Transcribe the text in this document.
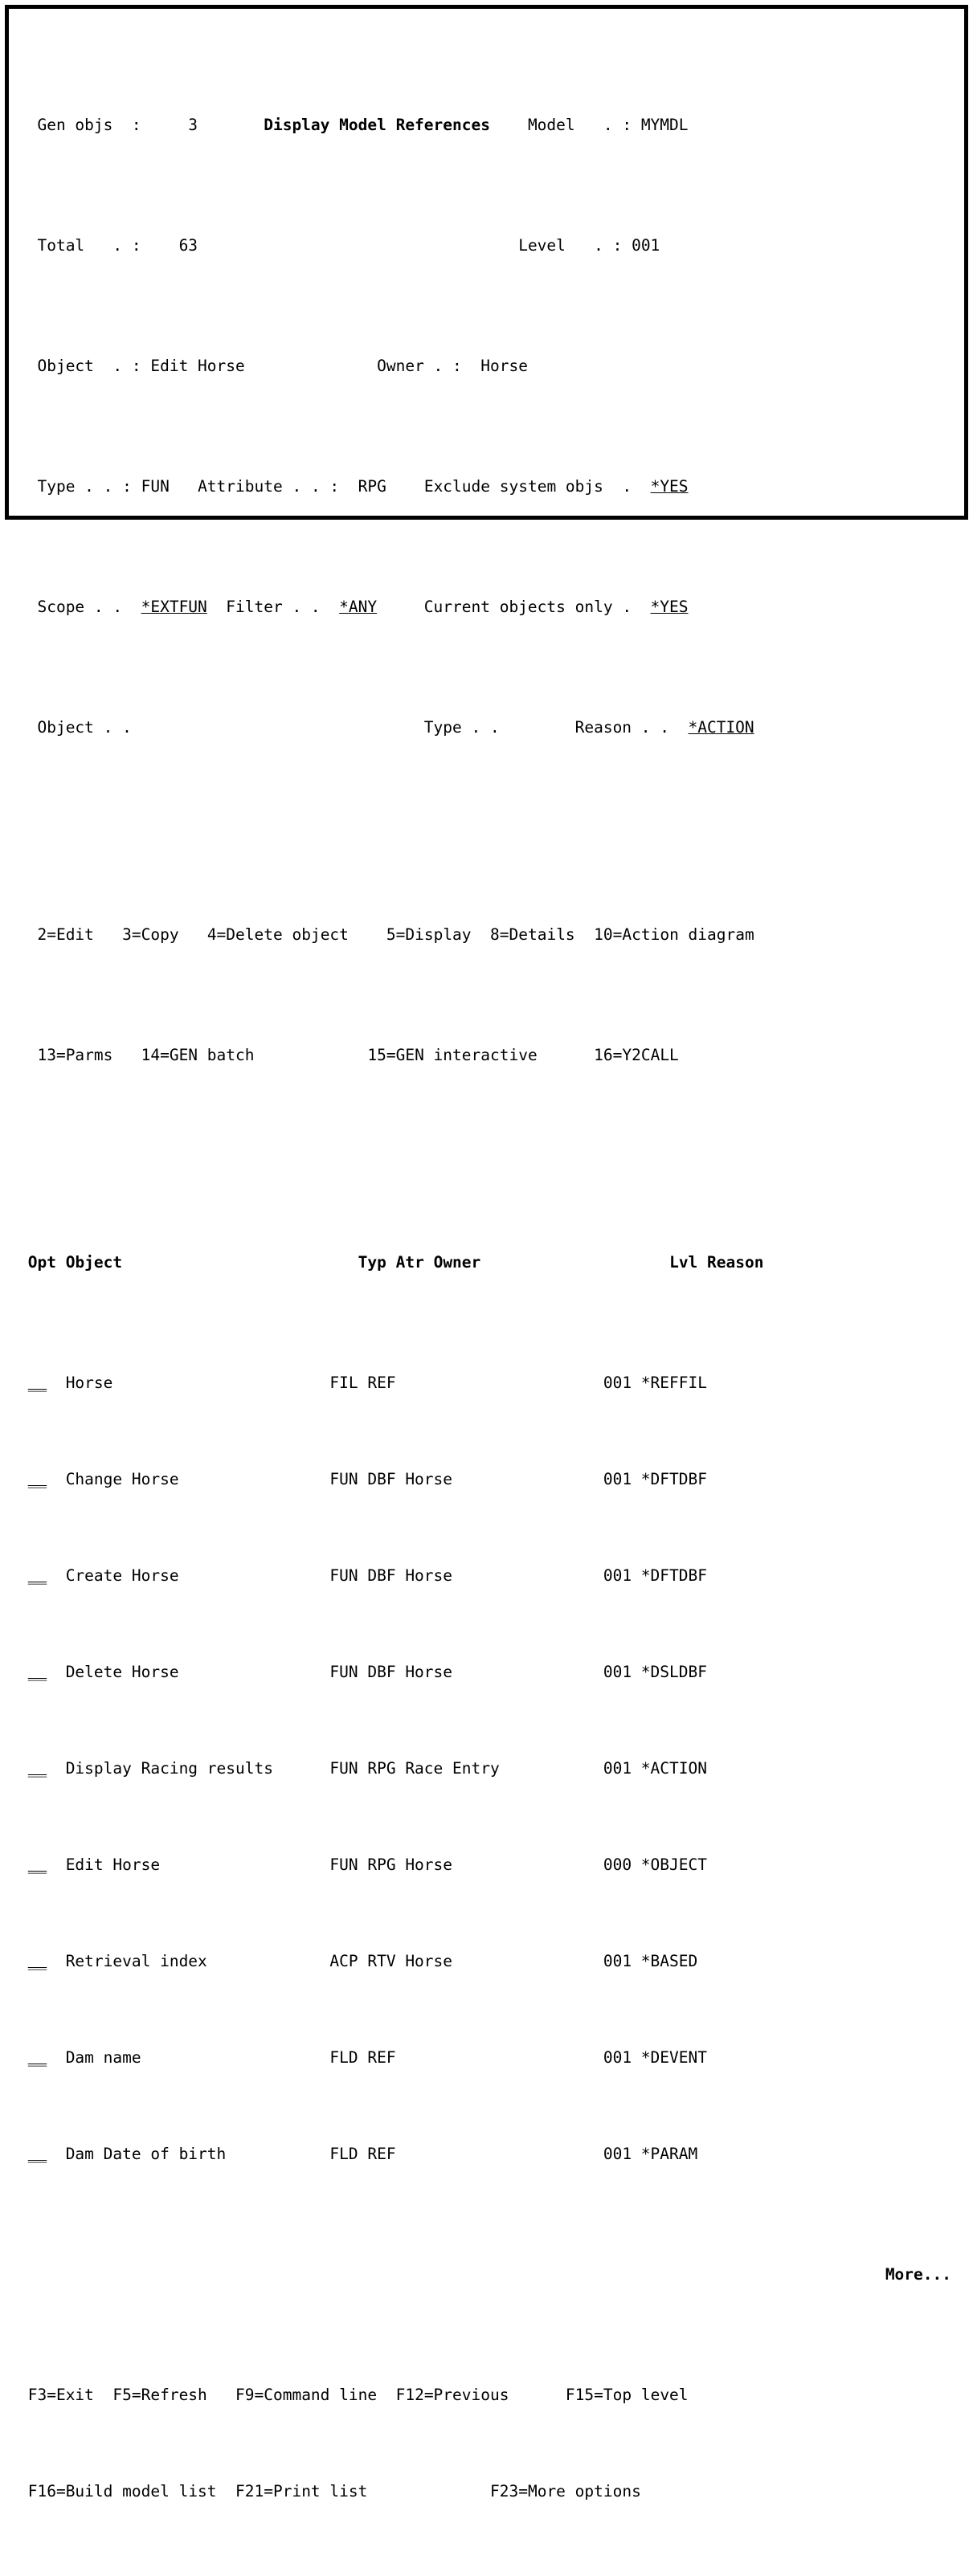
Gen objs  :	3	Display Model References Model   . : MYMDL

Total   . : 63	Level   . : 001

Object  . : Edit Horse	Owner . : Horse

Type . . : FUN Attribute . . : RPG Exclude system objs  . *YES

Scope . . *EXTFUN Filter . . *ANY	Current objects only . *YES

Object . .	Type . .	Reason . . *ACTION

2=Edit 3=Copy 4=Delete object 5=Display 8=Details 10=Action diagram

13=Parms 14=GEN batch	15=GEN interactive	16=Y2CALL

Opt Object	Typ Atr Owner	Lvl Reason

__ Horse	FIL REF	001 *REFFIL

__ Change Horse	FUN DBF Horse	001 *DFTDBF

__ Create Horse	FUN DBF Horse	001 *DFTDBF

__ Delete Horse	FUN DBF Horse	001 *DSLDBF

__ Display Racing results	FUN RPG Race Entry	001 *ACTION

__ Edit Horse	FUN RPG Horse	000 *OBJECT

__ Retrieval index	ACP RTV Horse	001 *BASED

__ Dam name	FLD REF	001 *DEVENT

__ Dam Date of birth	FLD REF	001 *PARAM

More...

F3=Exit F5=Refresh F9=Command line F12=Previous	F15=Top level

F16=Build model list F21=Print list	F23=More options
